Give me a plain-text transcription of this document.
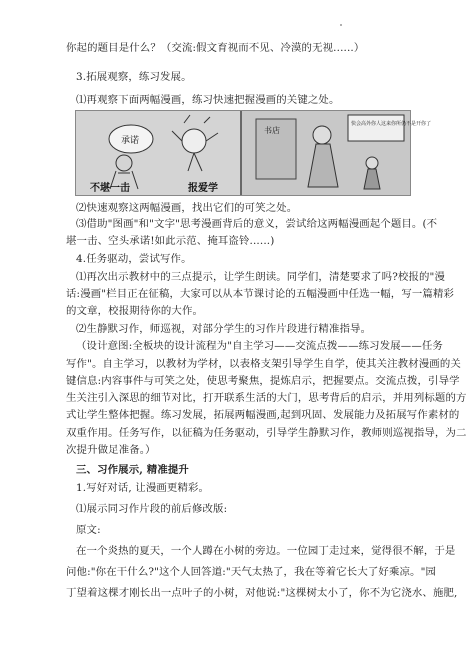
你起的题目是什么？（交流:假文育视而不见、冷漠的无视......）
3.拓展观察，练习发展。
⑴再观察下面两幅漫画，练习快速把握漫画的关键之处。
承诺
不堪一击	报爱学
书店
快会高外你人这来你所仍不是开你了
⑵快速观察这两幅漫画，找出它们的可笑之处。
⑶借助"图画"和"文字"思考漫画背后的意义，尝试给这两幅漫画起个题目。(不
堪一击、空头承诺!如此示范、掩耳盗铃......)
4.任务驱动，尝试写作。
⑴再次出示教材中的三点提示，让学生朗读。同学们，清楚要求了吗?校报的"漫
话:漫画"栏目正在征稿，大家可以从本节课讨论的五幅漫画中任选一幅，写一篇精彩
的文章，校报期待你的大作。
⑵生静默习作，师巡视，对部分学生的习作片段进行精准指导。
（设计意图:全板块的设计流程为"自主学习——交流点拨——练习发展——任务
写作"。自主学习，以教材为学材，以表格支架引导学生自学，使其关注教材漫画的关
键信息:内容事件与可笑之处，使思考聚焦，提炼启示，把握要点。交流点拨，引导学
生关注引入深思的细节对比，打开联系生活的大门，思考背后的启示，并用列标题的方
式让学生整体把握。练习发展，拓展两幅漫画,起到巩固、发展能力及拓展写作素材的
双重作用。任务写作，以征稿为任务驱动，引导学生静默习作，教师则巡视指导，为二
次提升做足准备。）
三、习作展示, 精准提升
1.写好对话, 让漫画更精彩。
⑴展示同习作片段的前后修改版:
原文:
在一个炎热的夏天，一个人蹲在小树的旁边。一位园丁走过来，觉得很不解，于是
问他:"你在干什么?"这个人回答道:"天气太热了，我在等着它长大了好乘凉。"园
丁望着这棵才刚长出一点叶子的小树，对他说:"这棵树太小了，你不为它浇水、施肥,
